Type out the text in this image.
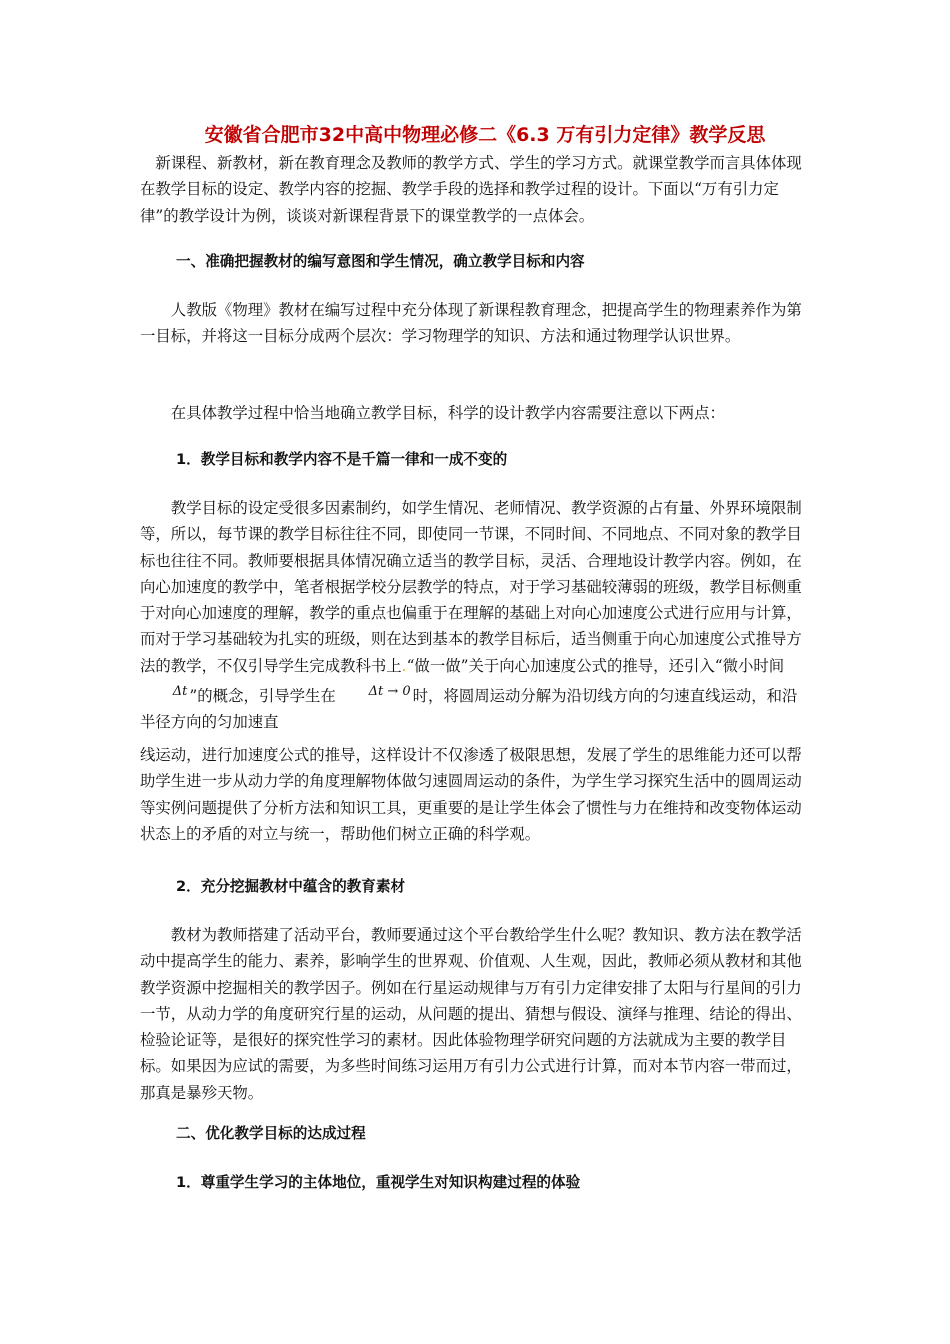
安徽省合肥市32中高中物理必修二《6.3 万有引力定律》教学反思

新课程、新教材，新在教育理念及教师的教学方式、学生的学习方式。就课堂教学而言具体体现在教学目标的设定、教学内容的挖掘、教学手段的选择和教学过程的设计。下面以“万有引力定律”的教学设计为例，谈谈对新课程背景下的课堂教学的一点体会。

一、准确把握教材的编写意图和学生情况，确立教学目标和内容

人教版《物理》教材在编写过程中充分体现了新课程教育理念，把提高学生的物理素养作为第一目标，并将这一目标分成两个层次：学习物理学的知识、方法和通过物理学认识世界。

在具体教学过程中恰当地确立教学目标，科学的设计教学内容需要注意以下两点：

1．教学目标和教学内容不是千篇一律和一成不变的

教学目标的设定受很多因素制约，如学生情况、老师情况、教学资源的占有量、外界环境限制等，所以，每节课的教学目标往往不同，即使同一节课，不同时间、不同地点、不同对象的教学目标也往往不同。教师要根据具体情况确立适当的教学目标，灵活、合理地设计教学内容。例如，在向心加速度的教学中，笔者根据学校分层教学的特点，对于学习基础较薄弱的班级，教学目标侧重于对向心加速度的理解，教学的重点也偏重于在理解的基础上对向心加速度公式进行应用与计算，而对于学习基础较为扎实的班级，则在达到基本的教学目标后，适当侧重于向心加速度公式推导方法的教学，不仅引导学生完成教科书上.“做一做”关于向心加速度公式的推导，还引入“微小时间Δt ”的概念，引导学生在	Δt → 0 时，将圆周运动分解为沿切线方向的匀速直线运动，和沿半径方向的匀加速直

线运动，进行加速度公式的推导，这样设计不仅渗透了极限思想，发展了学生的思维能力还可以帮助学生进一步从动力学的角度理解物体做匀速圆周运动的条件，为学生学习探究生活中的圆周运动等实例问题提供了分析方法和知识工具，更重要的是让学生体会了惯性与力在维持和改变物体运动状态上的矛盾的对立与统一，帮助他们树立正确的科学观。

2．充分挖掘教材中蕴含的教育素材

教材为教师搭建了活动平台，教师要通过这个平台教给学生什么呢？教知识、教方法在教学活动中提高学生的能力、素养，影响学生的世界观、价值观、人生观，因此，教师必须从教材和其他教学资源中挖掘相关的教学因子。例如在行星运动规律与万有引力定律安排了太阳与行星间的引力一节，从动力学的角度研究行星的运动，从问题的提出、猜想与假设、演绎与推理、结论的得出、检验论证等，是很好的探究性学习的素材。因此体验物理学研究问题的方法就成为主要的教学目标。如果因为应试的需要，为多些时间练习运用万有引力公式进行计算，而对本节内容一带而过，那真是暴殄天物。

二、优化教学目标的达成过程

1．尊重学生学习的主体地位，重视学生对知识构建过程的体验
